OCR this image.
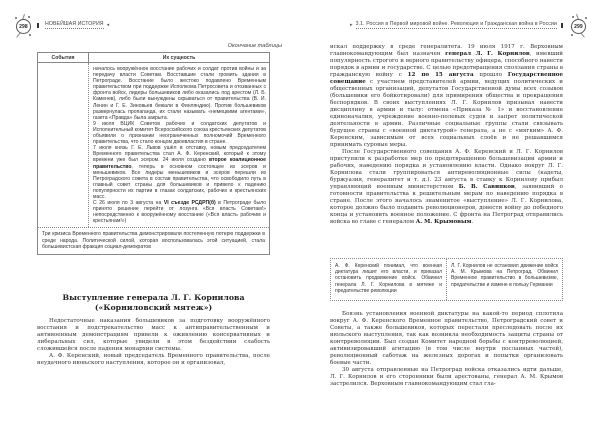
298	НОВЕЙШАЯ ИСТОРИЯ ◂
Окончание таблицы
События	Их сущность

началось вооружённое восстание рабочих и солдат против войны и за передачу власти Советам. Восставшие стали громить здания в Петрограде. Восстание было жестоко подавлено Временным правительством при поддержке Исполкома Петросовета и отозванных с фронта войск, лидеры большевиков либо оказались под арестом (Л. Б. Каменев), либо были вынуждены скрываться от правительства (В. И. Ленин и Г. Е. Зиновьев бежали в Финляндию). Против большевиков развернулась пропаганда, их стали называть «немецкими агентами», газета «Правда» была закрыта.

9 июля ВЦИК Советов рабочих и солдатских депутатов и Исполнительный комитет Всероссийского союза крестьянских депутатов объявили о признании неограниченных полномочий Временного правительства, что стало концом двоевластия в стране.

7 июля князь Г. Е. Львов ушёл в отставку, новым председателем Временного правительства стал А. Ф. Керенский, который к этому времени уже был эсером. 24 июля создано второе коалиционное правительство, теперь в основном состоящее из эсеров и меньшевиков. Все лидеры меньшевиков и эсеров перешли из Петроградского совета в состав правительства, что освободило путь в главный совет страны для большевиков и привело к падению популярности их партии в глазах солдатских, рабочих и крестьянских масс.

С 26 июля по 3 августа на VI съезде РСДРП(б) в Петрограде было принято решение перейти от лозунга «Вся власть Советам!» непосредственно к вооружённому восстанию («Вся власть рабочим и крестьянам!»)

Три кризиса Временного правительства демонстрировали постепенную потерю поддержки в среде народа. Политической силой, которая воспользовалась этой ситуацией, стала большевистская фракция социал-демократов
Выступление генерала Л. Г. Корнилова
(«Корниловский мятеж»)

Недостаточные наказания большевиков за подготовку вооружённого восстания и подстрекательство масс к антиправительственным и антивоенным демонстрациям привели к оживлению консервативных и либеральных сил, которые увидели в этом бездействии слабость сложившейся после падения монархии системы.

А. Ф. Керенский, новый председатель Временного правительства, после неудачного июньского наступления, которое он и организовал,

▸ 3.1. Россия в Первой мировой войне. Революция и Гражданская война в России	299

искал поддержку в среде генералитета. 19 июля 1917 г. Верховным главнокомандующим был назначен генерал Л. Г. Корнилов, имевший популярность строгого и верного правительству офицера, способного навести порядок в армии и государстве. С целью предотвращения сползания страны в гражданскую войну с 12 по 15 августа прошло Государственное совещание с участием представителей армии, ведущих политических и общественных организаций, депутатов Государственной думы всех созывов (большевики его бойкотировали) для примирения общества и прекращения беспорядков. В своих выступлениях Л. Г. Корнилов призывал навести дисциплину в армии и тылу: отмена «Приказа № 1» и восстановление единоначалия, учреждение военно-полевых судов и запрет политической деятельности в армии. Различные социальные группы стали связывать будущее страны с «военной диктатурой» генерала, а не с «мягким» А. Ф. Керенским, зависимым от всех социальных слоёв и не решавшимся принимать суровые меры.

После Государственного совещания А. Ф. Керенский и Л. Г. Корнилов приступили к разработке мер по предотвращению большевизации армии и рабочих, наведению порядка и установлению власти. Однако вокруг Л. Г. Корнилова стали группироваться антиреволюционные силы (кадеты, буржуазия, генералитет и т. д.). 23 августа в ставку к Корнилову прибыл управляющий военным министерством Б. В. Савинков, заявивший о готовности правительства к решительным мерам по наведению порядка в стране. После этого началось знаменитое «выступление» Л. Г. Корнилова, которое должно было подавить революционеров, довести войну до победного конца и установить военное положение. С фронта на Петроград отправились войска во главе с генералом А. М. Крымовым.

А. Ф. Керенский понимал, что военная диктатура лишит его власти, и приказал остановить продвижение войск. Обвинил генерала Л. Г. Корнилова в мятеже и предательстве революции
Л. Г. Корнилов не остановил движение войск А. М. Крымова на Петроград. Обвинил Временное правительство в большевизме, предательстве и измене в пользу Германии

Боязнь установления военной диктатуры на какой-то период сплотила вокруг А. Ф. Керенского Временное правительство, Петроградский совет и Советы, а также большевиков, которых перестали преследовать после их июльского выступления, так как возникла необходимость защиты страны от контрреволюции. Был создан Комитет народной борьбы с контрреволюцией, активизировавший агитацию (в том числе внутри посланных частей), революционный саботаж на железных дорогах и попытки организовать боевые части.

30 августа отправленные на Петроград войска отказались идти дальше, Л. Г. Корнилов и его сторонники были арестованы, генерал А. М. Крымов застрелился. Верховным главнокомандующим стал гла-
